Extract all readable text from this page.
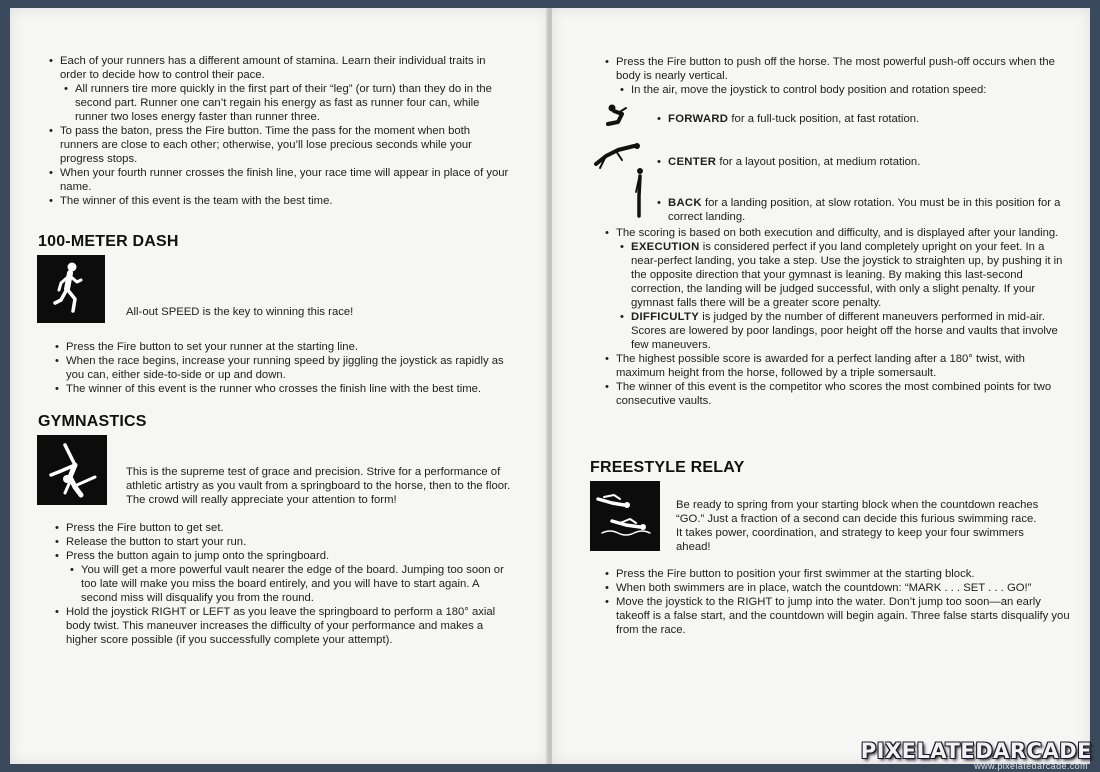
• Each of your runners has a different amount of stamina. Learn their individual traits in order to decide how to control their pace.
• All runners tire more quickly in the first part of their “leg” (or turn) than they do in the second part. Runner one can’t regain his energy as fast as runner four can, while runner two loses energy faster than runner three.
• To pass the baton, press the Fire button. Time the pass for the moment when both runners are close to each other; otherwise, you’ll lose precious seconds while your progress stops.
• When your fourth runner crosses the finish line, your race time will appear in place of your name.
• The winner of this event is the team with the best time.
100-METER DASH
All-out SPEED is the key to winning this race!
• Press the Fire button to set your runner at the starting line.
• When the race begins, increase your running speed by jiggling the joystick as rapidly as you can, either side-to-side or up and down.
• The winner of this event is the runner who crosses the finish line with the best time.
GYMNASTICS
This is the supreme test of grace and precision. Strive for a performance of athletic artistry as you vault from a springboard to the horse, then to the floor. The crowd will really appreciate your attention to form!
• Press the Fire button to get set.
• Release the button to start your run.
• Press the button again to jump onto the springboard.
• You will get a more powerful vault nearer the edge of the board. Jumping too soon or too late will make you miss the board entirely, and you will have to start again. A second miss will disqualify you from the round.
• Hold the joystick RIGHT or LEFT as you leave the springboard to perform a 180° axial body twist. This maneuver increases the difficulty of your performance and makes a higher score possible (if you successfully complete your attempt).
• Press the Fire button to push off the horse. The most powerful push-off occurs when the body is nearly vertical.
• In the air, move the joystick to control body position and rotation speed:
• FORWARD for a full-tuck position, at fast rotation.
• CENTER for a layout position, at medium rotation.
• BACK for a landing position, at slow rotation. You must be in this position for a correct landing.
• The scoring is based on both execution and difficulty, and is displayed after your landing.
• EXECUTION is considered perfect if you land completely upright on your feet. In a near-perfect landing, you take a step. Use the joystick to straighten up, by pushing it in the opposite direction that your gymnast is leaning. By making this last-second correction, the landing will be judged successful, with only a slight penalty. If your gymnast falls there will be a greater score penalty.
• DIFFICULTY is judged by the number of different maneuvers performed in mid-air. Scores are lowered by poor landings, poor height off the horse and vaults that involve few maneuvers.
• The highest possible score is awarded for a perfect landing after a 180° twist, with maximum height from the horse, followed by a triple somersault.
• The winner of this event is the competitor who scores the most combined points for two consecutive vaults.
FREESTYLE RELAY
Be ready to spring from your starting block when the countdown reaches “GO.” Just a fraction of a second can decide this furious swimming race. It takes power, coordination, and strategy to keep your four swimmers ahead!
• Press the Fire button to position your first swimmer at the starting block.
• When both swimmers are in place, watch the countdown: “MARK . . . SET . . . GO!”
• Move the joystick to the RIGHT to jump into the water. Don’t jump too soon—an early takeoff is a false start, and the countdown will begin again. Three false starts disqualify you from the race.
PIXELATEDARCADE
www.pixelatedarcade.com
